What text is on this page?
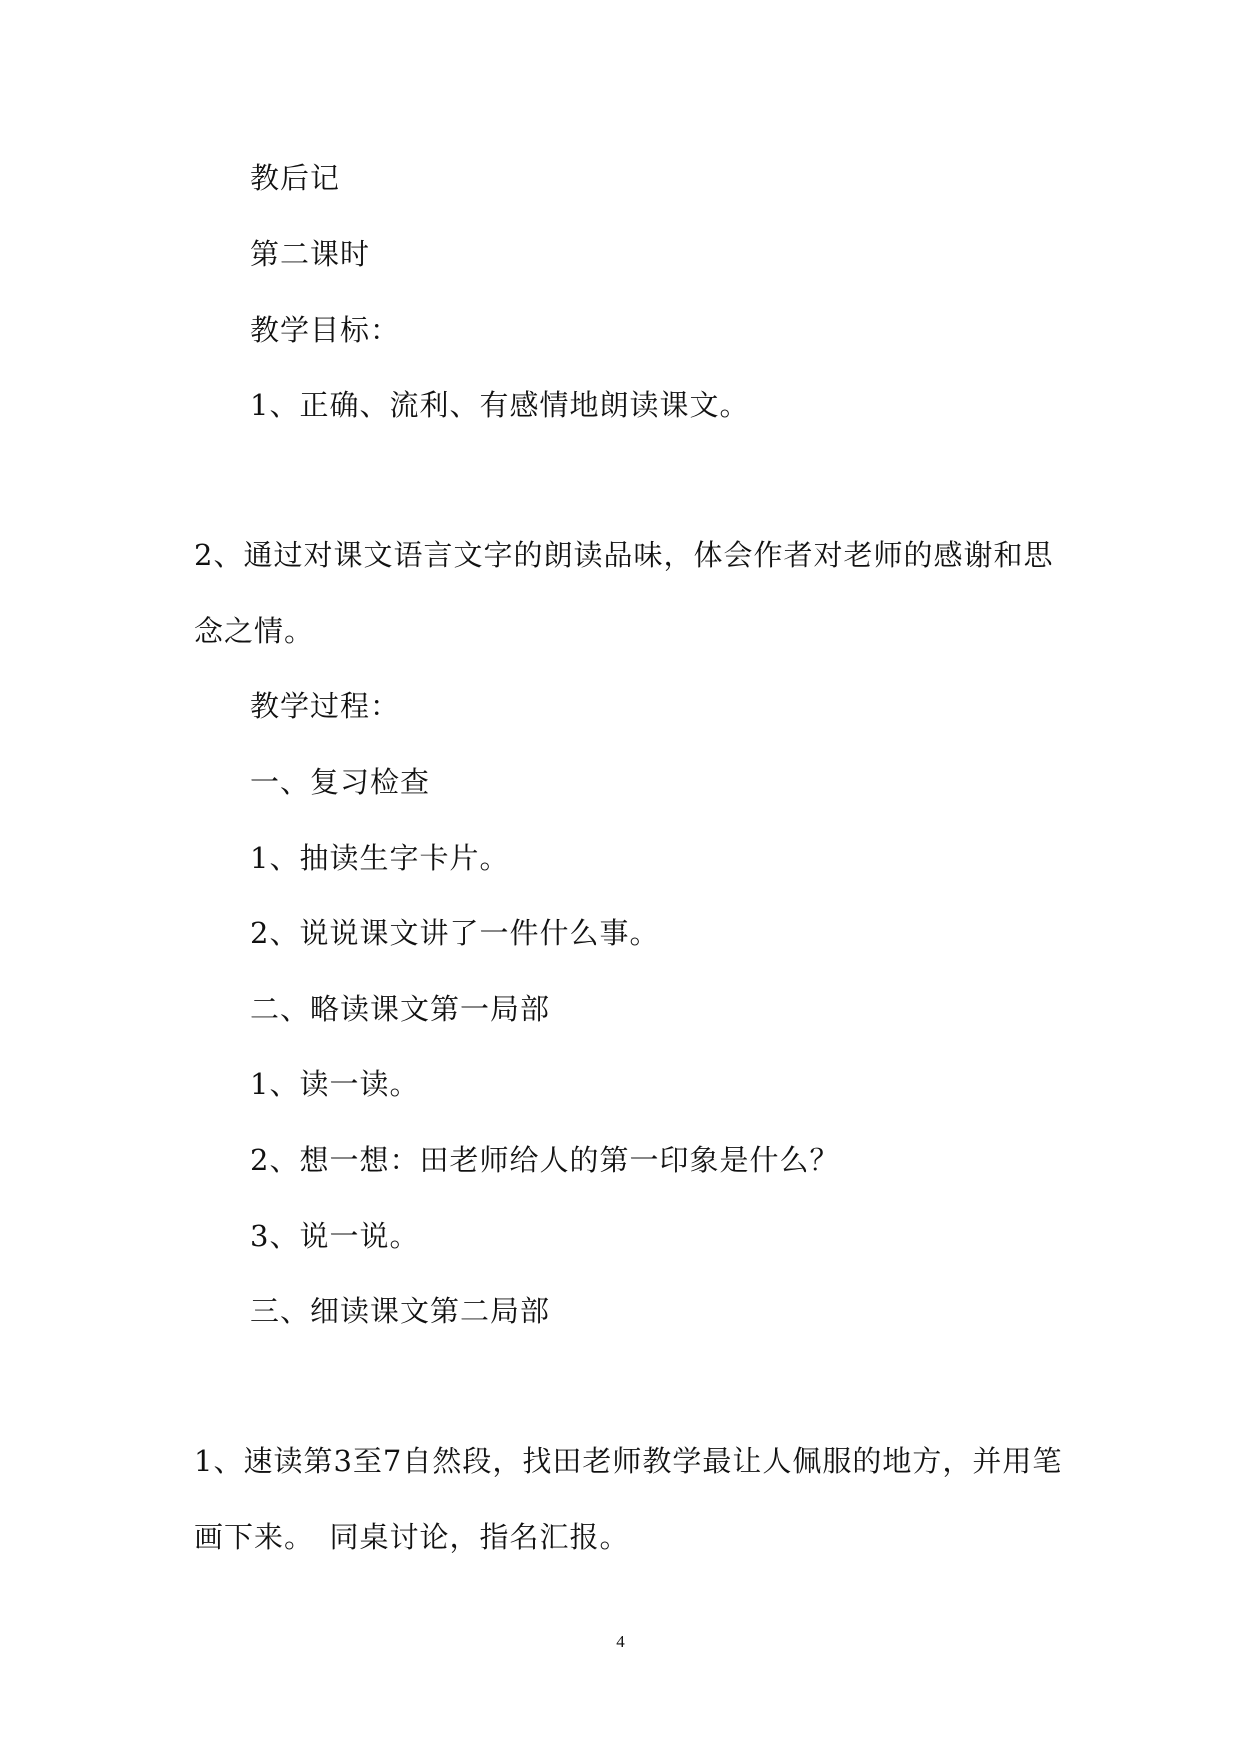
教后记
第二课时
教学目标：
1、正确、流利、有感情地朗读课文。
2、通过对课文语言文字的朗读品味，体会作者对老师的感谢和思
念之情。
教学过程：
一、复习检查
1、抽读生字卡片。
2、说说课文讲了一件什么事。
二、略读课文第一局部
1、读一读。
2、想一想：田老师给人的第一印象是什么？
3、说一说。
三、细读课文第二局部
1、速读第3至7自然段，找田老师教学最让人佩服的地方，并用笔
画下来。　同桌讨论，指名汇报。
4
